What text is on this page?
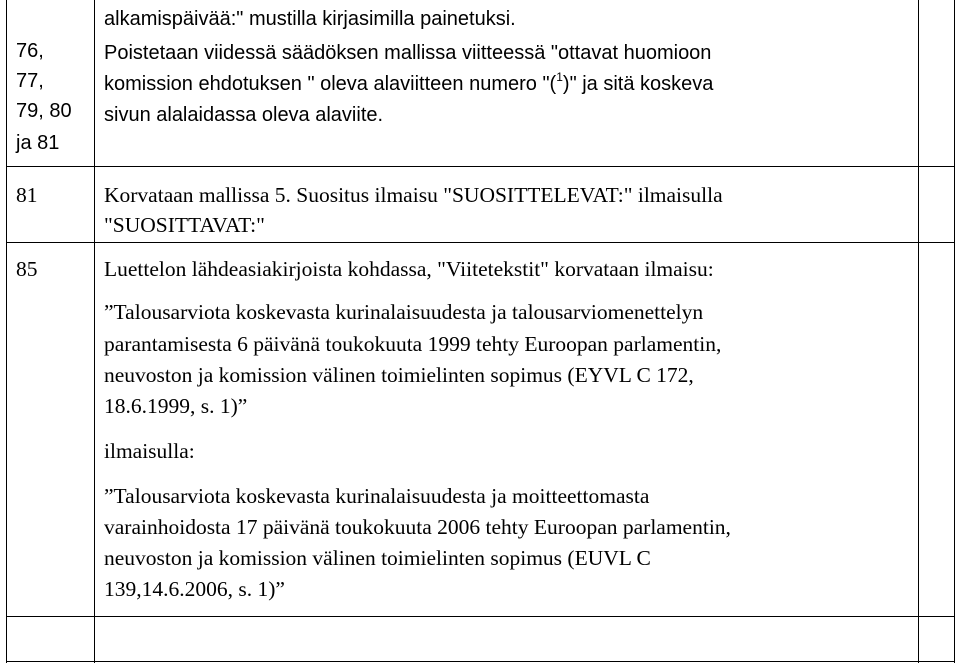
76,
77,
79, 80
ja 81
alkamispäivää:" mustilla kirjasimilla painetuksi.
Poistetaan viidessä säädöksen mallissa viitteessä "ottavat huomioon
komission ehdotuksen " oleva alaviitteen numero "($^1$)" ja sitä koskeva
sivun alalaidassa oleva alaviite.
81	Korvataan mallissa 5. Suositus ilmaisu "SUOSITTELEVAT:" ilmaisulla
"SUOSITTAVAT:"
85	Luettelon lähdeasiakirjoista kohdassa, "Viitetekstit" korvataan ilmaisu:
”Talousarviota koskevasta kurinalaisuudesta ja talousarviomenettelyn
parantamisesta 6 päivänä toukokuuta 1999 tehty Euroopan parlamentin,
neuvoston ja komission välinen toimielinten sopimus (EYVL C 172,
18.6.1999, s. 1)”
ilmaisulla:
”Talousarviota koskevasta kurinalaisuudesta ja moitteettomasta
varainhoidosta 17 päivänä toukokuuta 2006 tehty Euroopan parlamentin,
neuvoston ja komission välinen toimielinten sopimus (EUVL C
139,14.6.2006, s. 1)”
